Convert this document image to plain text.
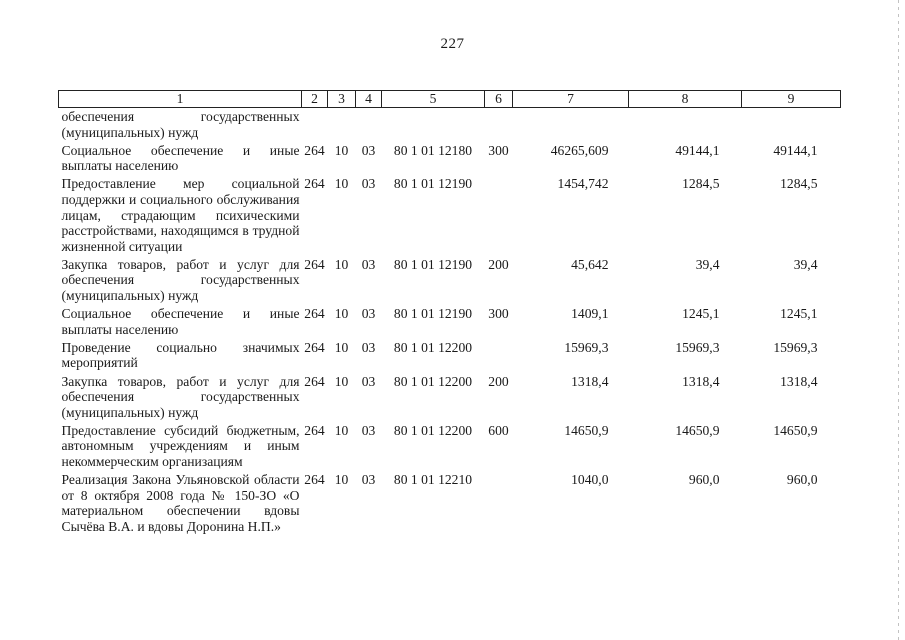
227
1	2	3	4	5	6	7	8	9
обеспечения государственных (муниципальных) нужд								
Социальное обеспечение и иные выплаты населению	264	10	03	80 1 01 12180	300	46265,609	49144,1	49144,1
Предоставление мер социальной поддержки и социального обслуживания лицам, страдающим психическими расстройствами, находящимся в трудной жизненной ситуации	264	10	03	80 1 01 12190		1454,742	1284,5	1284,5
Закупка товаров, работ и услуг для обеспечения государственных (муниципальных) нужд	264	10	03	80 1 01 12190	200	45,642	39,4	39,4
Социальное обеспечение и иные выплаты населению	264	10	03	80 1 01 12190	300	1409,1	1245,1	1245,1
Проведение социально значимых мероприятий	264	10	03	80 1 01 12200		15969,3	15969,3	15969,3
Закупка товаров, работ и услуг для обеспечения государственных (муниципальных) нужд	264	10	03	80 1 01 12200	200	1318,4	1318,4	1318,4
Предоставление субсидий бюджетным, автономным учреждениям и иным некоммерческим организациям	264	10	03	80 1 01 12200	600	14650,9	14650,9	14650,9
Реализация Закона Ульяновской области от 8 октября 2008 года № 150-ЗО «О материальном обеспечении вдовы Сычёва В.А. и вдовы Доронина Н.П.»	264	10	03	80 1 01 12210		1040,0	960,0	960,0
